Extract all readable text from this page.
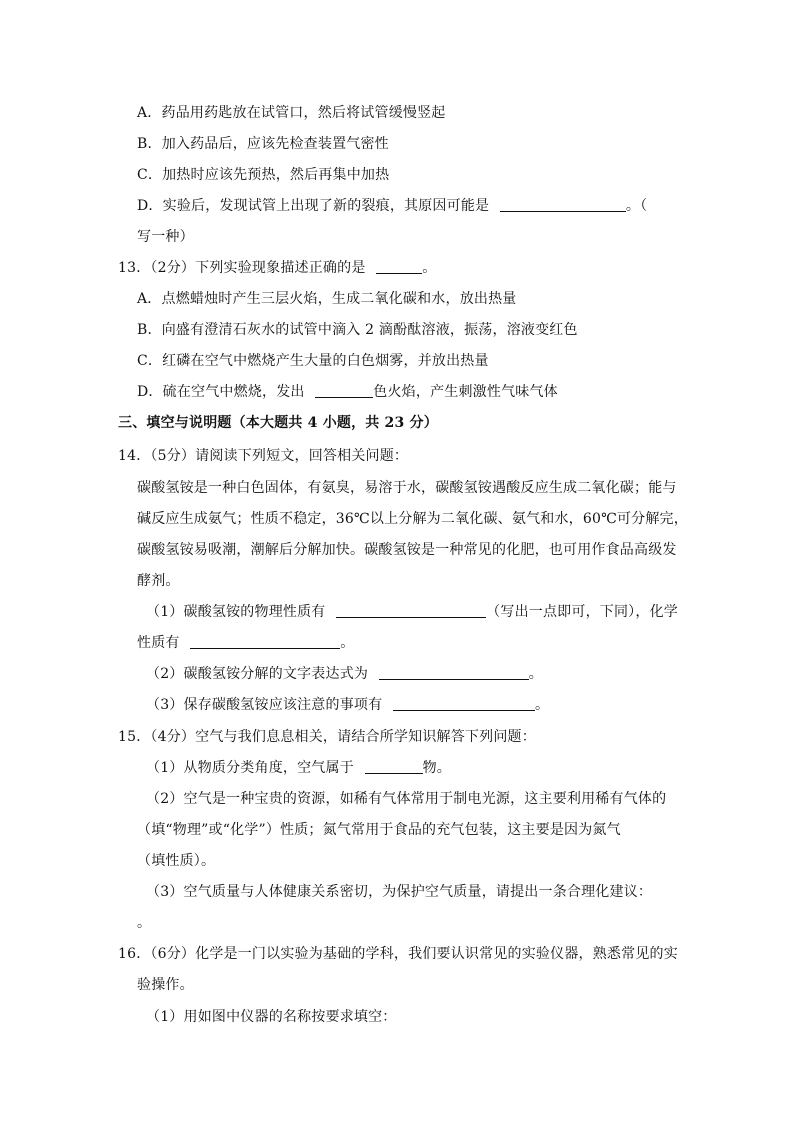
A．药品用药匙放在试管口，然后将试管缓慢竖起
B．加入药品后，应该先检查装置气密性
C．加热时应该先预热，然后再集中加热
D．实验后，发现试管上出现了新的裂痕，其原因可能是	。（
写一种）
13．（2分）下列实验现象描述正确的是	。
A．点燃蜡烛时产生三层火焰，生成二氧化碳和水，放出热量
B．向盛有澄清石灰水的试管中滴入 2 滴酚酞溶液，振荡，溶液变红色
C．红磷在空气中燃烧产生大量的白色烟雾，并放出热量
D．硫在空气中燃烧，发出	色火焰，产生刺激性气味气体
三、填空与说明题（本大题共 4 小题，共 23 分）
14．（5分）请阅读下列短文，回答相关问题：
碳酸氢铵是一种白色固体，有氨臭，易溶于水，碳酸氢铵遇酸反应生成二氧化碳；能与
碱反应生成氨气；性质不稳定，36℃以上分解为二氧化碳、氨气和水，60℃可分解完，
碳酸氢铵易吸潮，潮解后分解加快。碳酸氢铵是一种常见的化肥，也可用作食品高级发
酵剂。
（1）碳酸氢铵的物理性质有	（写出一点即可，下同），化学
性质有	。
（2）碳酸氢铵分解的文字表达式为	。
（3）保存碳酸氢铵应该注意的事项有	。
15．（4分）空气与我们息息相关，请结合所学知识解答下列问题：
（1）从物质分类角度，空气属于	物。
（2）空气是一种宝贵的资源，如稀有气体常用于制电光源，这主要利用稀有气体的
（填“物理”或“化学”）性质；氮气常用于食品的充气包装，这主要是因为氮气
（填性质）。
（3）空气质量与人体健康关系密切，为保护空气质量，请提出一条合理化建议：
。
16．（6分）化学是一门以实验为基础的学科，我们要认识常见的实验仪器，熟悉常见的实
验操作。
（1）用如图中仪器的名称按要求填空：
